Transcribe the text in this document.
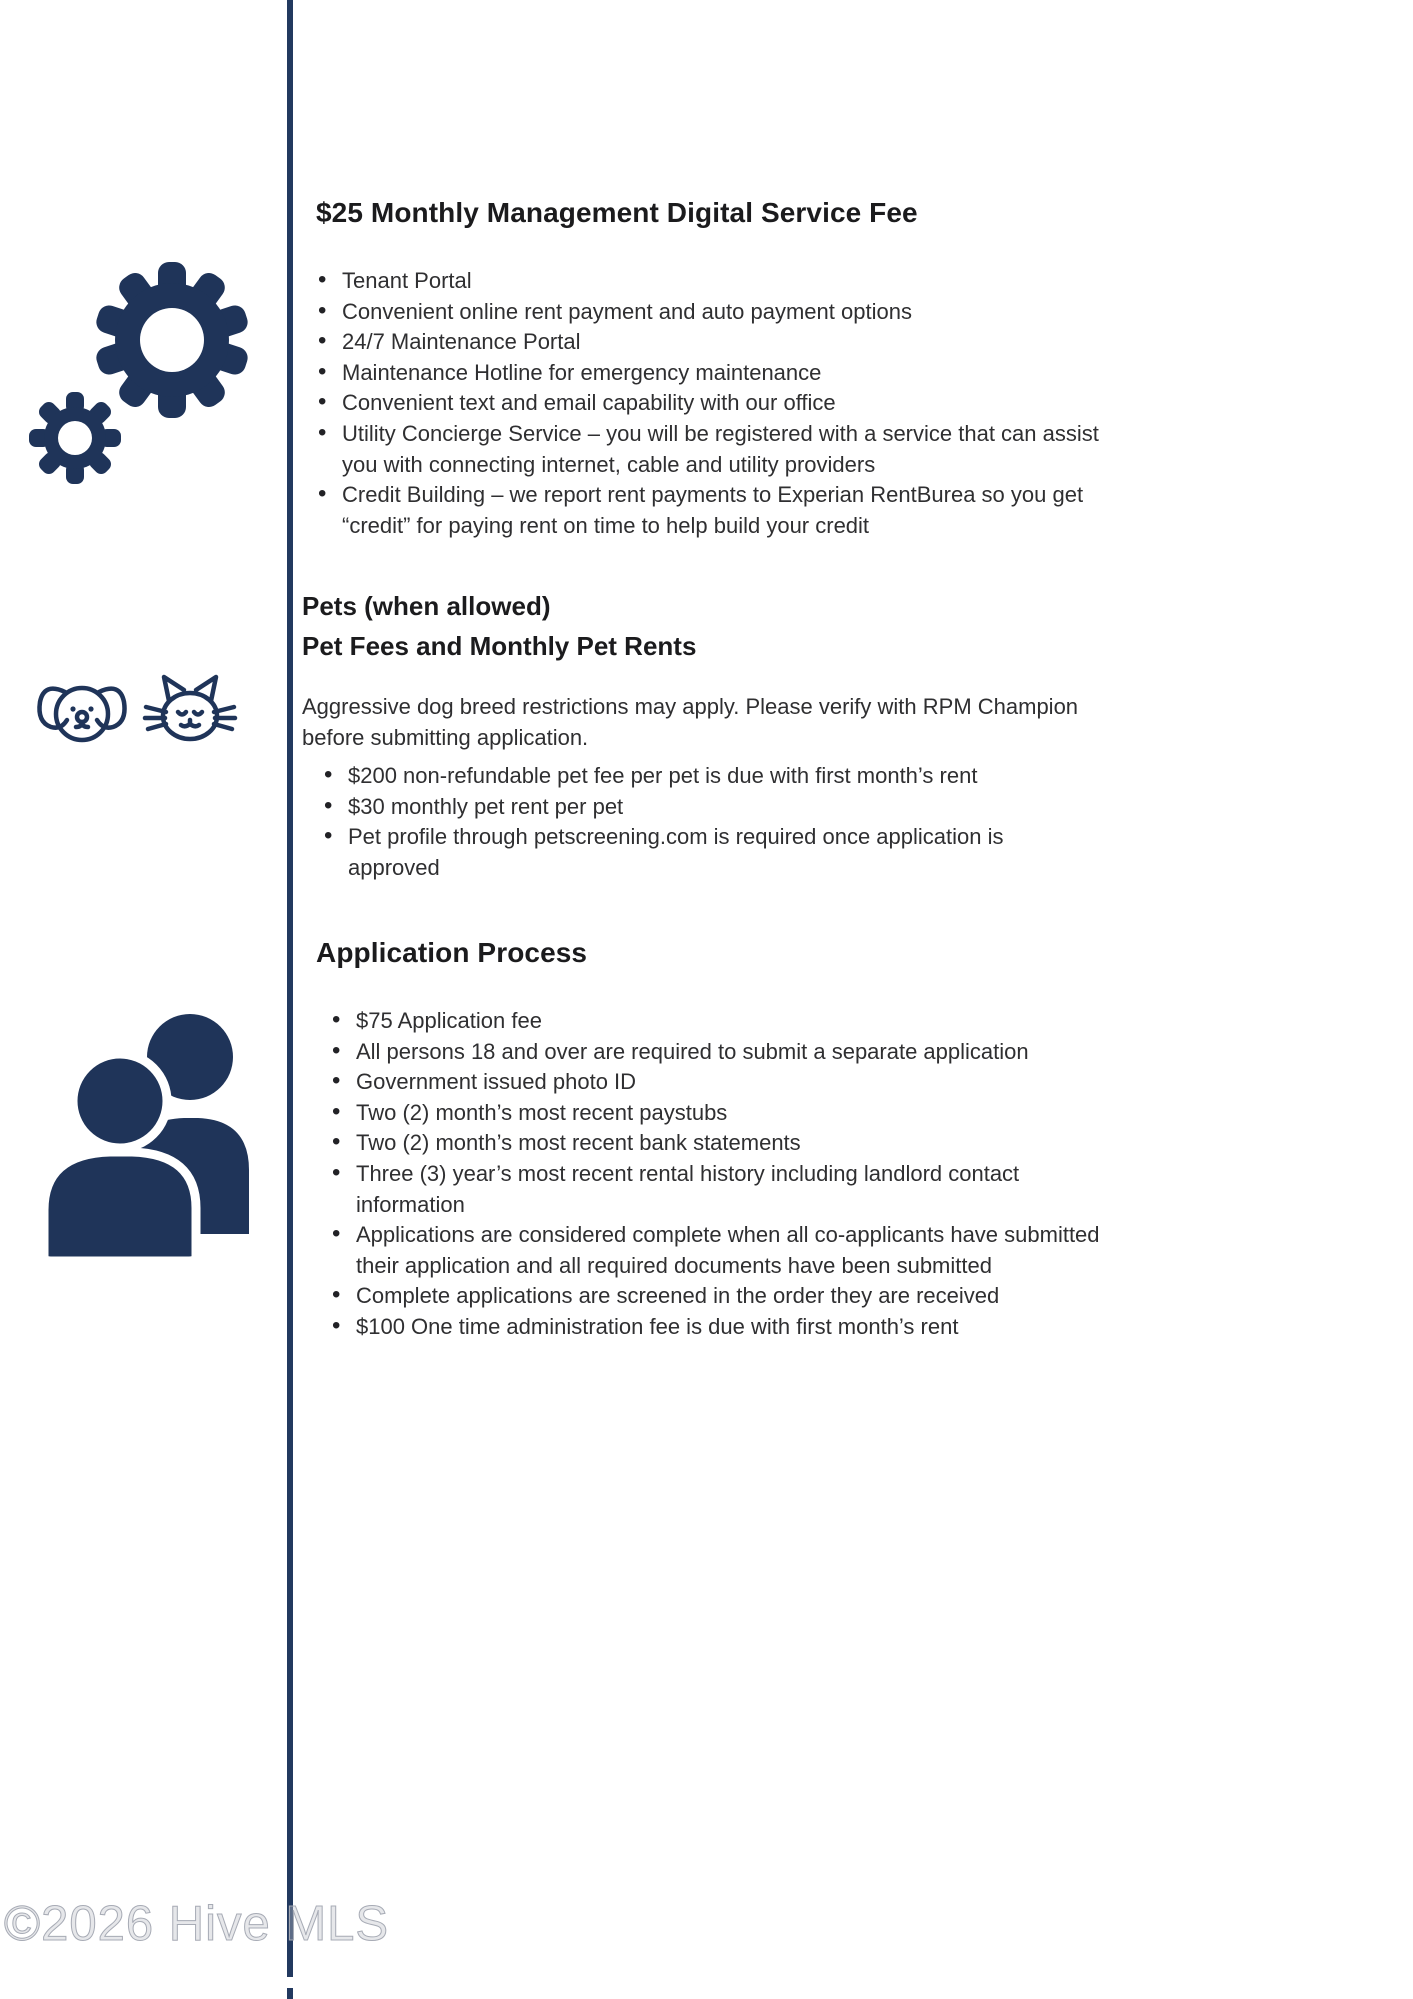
$25 Monthly Management Digital Service Fee
• Tenant Portal
• Convenient online rent payment and auto payment options
• 24/7 Maintenance Portal
• Maintenance Hotline for emergency maintenance
• Convenient text and email capability with our office
• Utility Concierge Service – you will be registered with a service that can assist you with connecting internet, cable and utility providers
• Credit Building – we report rent payments to Experian RentBurea so you get “credit” for paying rent on time to help build your credit
Pets (when allowed)
Pet Fees and Monthly Pet Rents

Aggressive dog breed restrictions may apply. Please verify with RPM Champion before submitting application.

• $200 non-refundable pet fee per pet is due with first month’s rent
• $30 monthly pet rent per pet
• Pet profile through petscreening.com is required once application is approved
Application Process
• $75 Application fee
• All persons 18 and over are required to submit a separate application
• Government issued photo ID
• Two (2) month’s most recent paystubs
• Two (2) month’s most recent bank statements
• Three (3) year’s most recent rental history including landlord contact information
• Applications are considered complete when all co-applicants have submitted their application and all required documents have been submitted
• Complete applications are screened in the order they are received
• $100 One time administration fee is due with first month’s rent
©2026 Hive MLS
